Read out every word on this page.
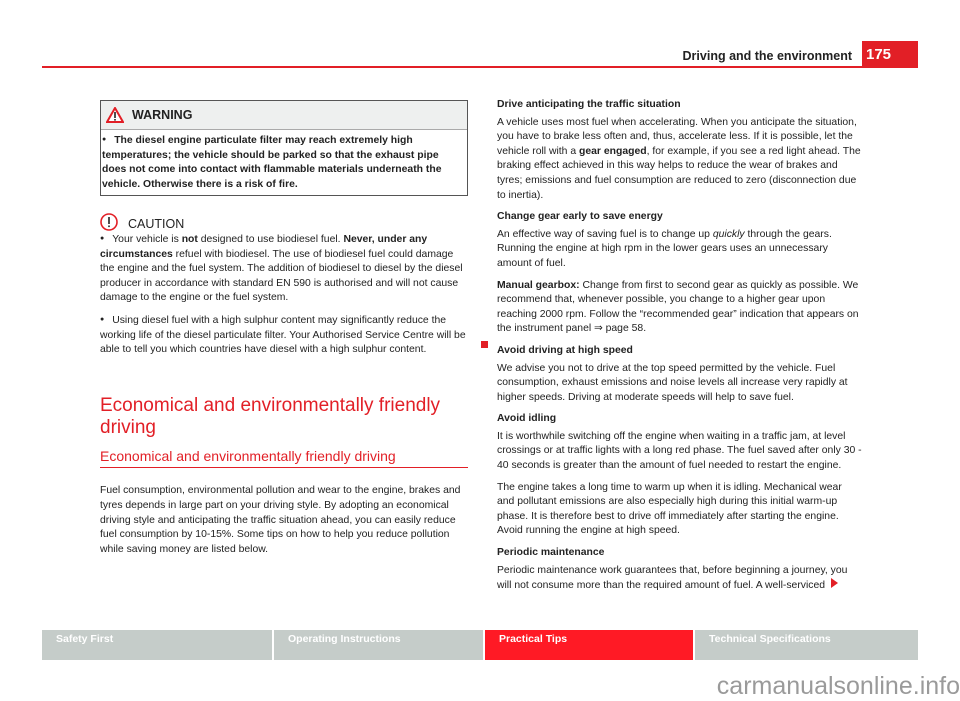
Driving and the environment 175
WARNING
● The diesel engine particulate filter may reach extremely high temperatures; the vehicle should be parked so that the exhaust pipe does not come into contact with flammable materials underneath the vehicle. Otherwise there is a risk of fire.
CAUTION

● Your vehicle is not designed to use biodiesel fuel. Never, under any circumstances refuel with biodiesel. The use of biodiesel fuel could damage the engine and the fuel system. The addition of biodiesel to diesel by the diesel producer in accordance with standard EN 590 is authorised and will not cause damage to the engine or the fuel system.

● Using diesel fuel with a high sulphur content may significantly reduce the working life of the diesel particulate filter. Your Authorised Service Centre will be able to tell you which countries have diesel with a high sulphur content.

Economical and environmentally friendly driving
Economical and environmentally friendly driving

Fuel consumption, environmental pollution and wear to the engine, brakes and tyres depends in large part on your driving style. By adopting an economical driving style and anticipating the traffic situation ahead, you can easily reduce fuel consumption by 10-15%. Some tips on how to help you reduce pollution while saving money are listed below.

Drive anticipating the traffic situation

A vehicle uses most fuel when accelerating. When you anticipate the situation, you have to brake less often and, thus, accelerate less. If it is possible, let the vehicle roll with a gear engaged, for example, if you see a red light ahead. The braking effect achieved in this way helps to reduce the wear of brakes and tyres; emissions and fuel consumption are reduced to zero (disconnection due to inertia).

Change gear early to save energy

An effective way of saving fuel is to change up quickly through the gears. Running the engine at high rpm in the lower gears uses an unnecessary amount of fuel.

Manual gearbox: Change from first to second gear as quickly as possible. We recommend that, whenever possible, you change to a higher gear upon reaching 2000 rpm. Follow the “recommended gear” indication that appears on the instrument panel ⇒ page 58.

Avoid driving at high speed

We advise you not to drive at the top speed permitted by the vehicle. Fuel consumption, exhaust emissions and noise levels all increase very rapidly at higher speeds. Driving at moderate speeds will help to save fuel.

Avoid idling

It is worthwhile switching off the engine when waiting in a traffic jam, at level crossings or at traffic lights with a long red phase. The fuel saved after only 30 - 40 seconds is greater than the amount of fuel needed to restart the engine.

The engine takes a long time to warm up when it is idling. Mechanical wear and pollutant emissions are also especially high during this initial warm-up phase. It is therefore best to drive off immediately after starting the engine. Avoid running the engine at high speed.

Periodic maintenance

Periodic maintenance work guarantees that, before beginning a journey, you will not consume more than the required amount of fuel. A well-serviced

Safety First	Operating Instructions	Practical Tips	Technical Specifications
carmanualsonline.info
